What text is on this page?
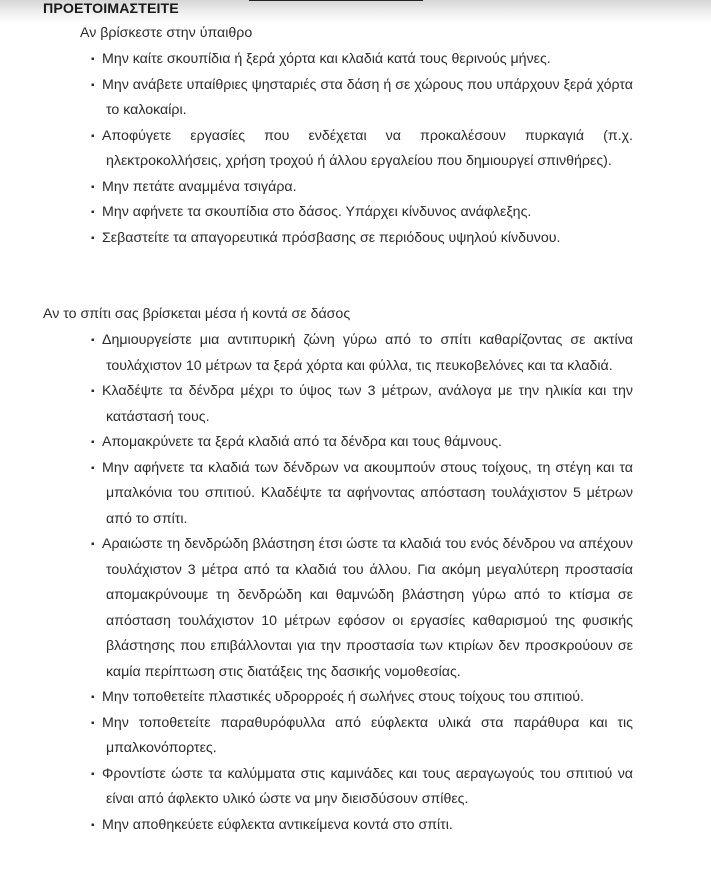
ΠΡΟΕΤΟΙΜΑΣΤΕΙΤΕ
Αν βρίσκεστε στην ύπαιθρο
▪ Μην καίτε σκουπίδια ή ξερά χόρτα και κλαδιά κατά τους θερινούς μήνες.
▪ Μην ανάβετε υπαίθριες ψησταριές στα δάση ή σε χώρους που υπάρχουν ξερά χόρτα το καλοκαίρι.
▪ Αποφύγετε εργασίες που ενδέχεται να προκαλέσουν πυρκαγιά (π.χ. ηλεκτροκολλήσεις, χρήση τροχού ή άλλου εργαλείου που δημιουργεί σπινθήρες).
▪ Μην πετάτε αναμμένα τσιγάρα.
▪ Μην αφήνετε τα σκουπίδια στο δάσος. Υπάρχει κίνδυνος ανάφλεξης.
▪ Σεβαστείτε τα απαγορευτικά πρόσβασης σε περιόδους υψηλού κίνδυνου.
Αν το σπίτι σας βρίσκεται μέσα ή κοντά σε δάσος
▪ Δημιουργείστε μια αντιπυρική ζώνη γύρω από το σπίτι καθαρίζοντας σε ακτίνα τουλάχιστον 10 μέτρων τα ξερά χόρτα και φύλλα, τις πευκοβελόνες και τα κλαδιά.
▪ Κλαδέψτε τα δένδρα μέχρι το ύψος των 3 μέτρων, ανάλογα με την ηλικία και την κατάστασή τους.
▪ Απομακρύνετε τα ξερά κλαδιά από τα δένδρα και τους θάμνους.
▪ Μην αφήνετε τα κλαδιά των δένδρων να ακουμπούν στους τοίχους, τη στέγη και τα μπαλκόνια του σπιτιού. Κλαδέψτε τα αφήνοντας απόσταση τουλάχιστον 5 μέτρων από το σπίτι.
▪ Αραιώστε τη δενδρώδη βλάστηση έτσι ώστε τα κλαδιά του ενός δένδρου να απέχουν τουλάχιστον 3 μέτρα από τα κλαδιά του άλλου. Για ακόμη μεγαλύτερη προστασία απομακρύνουμε τη δενδρώδη και θαμνώδη βλάστηση γύρω από το κτίσμα σε απόσταση τουλάχιστον 10 μέτρων εφόσον οι εργασίες καθαρισμού της φυσικής βλάστησης που επιβάλλονται για την προστασία των κτιρίων δεν προσκρούουν σε καμία περίπτωση στις διατάξεις της δασικής νομοθεσίας.
▪ Μην τοποθετείτε πλαστικές υδρορροές ή σωλήνες στους τοίχους του σπιτιού.
▪ Μην τοποθετείτε παραθυρόφυλλα από εύφλεκτα υλικά στα παράθυρα και τις μπαλκονόπορτες.
▪ Φροντίστε ώστε τα καλύμματα στις καμινάδες και τους αεραγωγούς του σπιτιού να είναι από άφλεκτο υλικό ώστε να μην διεισδύσουν σπίθες.
▪ Μην αποθηκεύετε εύφλεκτα αντικείμενα κοντά στο σπίτι.
